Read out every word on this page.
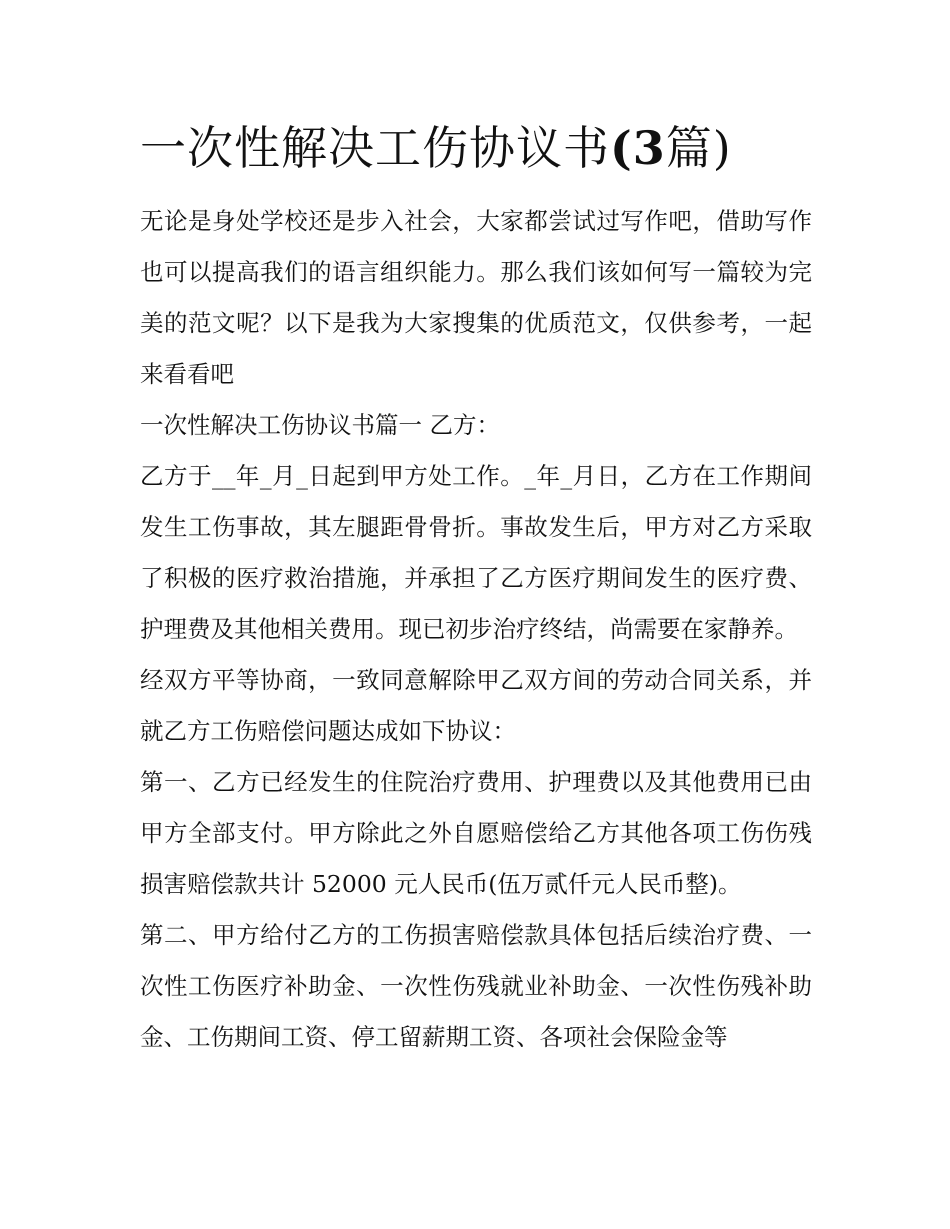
一次性解决工伤协议书(3篇)

无论是身处学校还是步入社会，大家都尝试过写作吧，借助写作也可以提高我们的语言组织能力。那么我们该如何写一篇较为完美的范文呢？以下是我为大家搜集的优质范文，仅供参考，一起来看看吧

一次性解决工伤协议书篇一 乙方：

乙方于__年_月_日起到甲方处工作。_年_月日，乙方在工作期间发生工伤事故，其左腿距骨骨折。事故发生后，甲方对乙方采取了积极的医疗救治措施，并承担了乙方医疗期间发生的医疗费、护理费及其他相关费用。现已初步治疗终结，尚需要在家静养。

经双方平等协商，一致同意解除甲乙双方间的劳动合同关系，并就乙方工伤赔偿问题达成如下协议：

第一、乙方已经发生的住院治疗费用、护理费以及其他费用已由甲方全部支付。甲方除此之外自愿赔偿给乙方其他各项工伤伤残损害赔偿款共计 52000 元人民币(伍万贰仟元人民币整)。

第二、甲方给付乙方的工伤损害赔偿款具体包括后续治疗费、一次性工伤医疗补助金、一次性伤残就业补助金、一次性伤残补助金、工伤期间工资、停工留薪期工资、各项社会保险金等
